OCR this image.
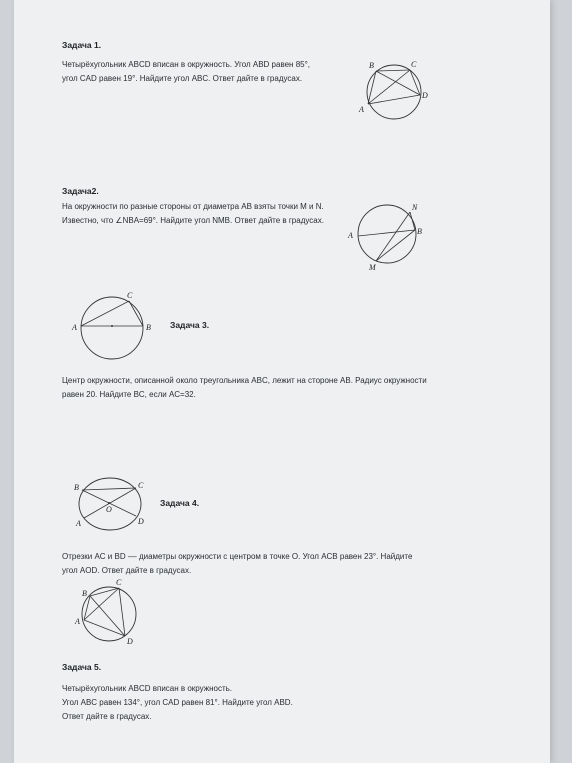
Задача 1.
Четырёхугольник ABCD вписан в окружность. Угол ABD равен 85°,
угол CAD равен 19°. Найдите угол ABC. Ответ дайте в градусах.
B	C
D
A
Задача2.
На окружности по разные стороны от диаметра AB взяты точки M и N.
Известно, что ∠NBA=69°. Найдите угол NMB. Ответ дайте в градусах.
N
A	B
M
C
A	B Задача 3.
Центр окружности, описанной около треугольника ABC, лежит на стороне AB. Радиус окружности
равен 20. Найдите BC, если AC=32.
B	C
O
A	D
Задача 4.
Отрезки AC и BD –– диаметры окружности с центром в точке O. Угол ACB равен 23°. Найдите
угол AOD. Ответ дайте в градусах.
C
B
A
D
Задача 5.
Четырёхугольник ABCD вписан в окружность.
Угол ABC равен 134°, угол CAD равен 81°. Найдите угол ABD.
Ответ дайте в градусах.
